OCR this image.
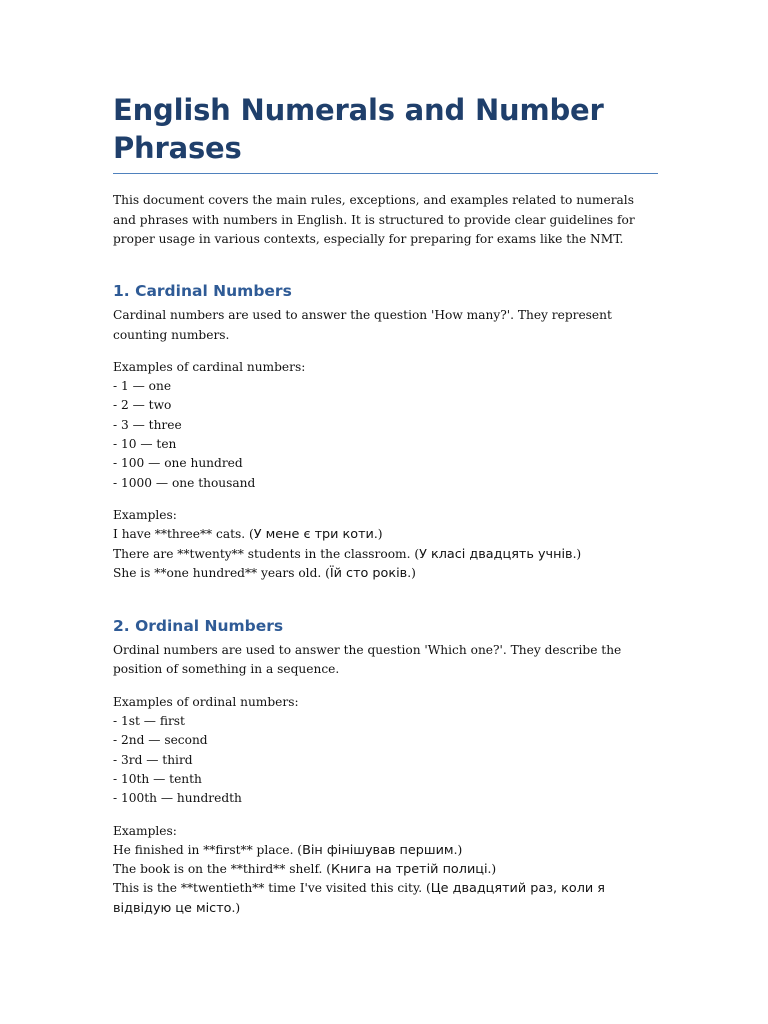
English Numerals and Number Phrases

This document covers the main rules, exceptions, and examples related to numerals and phrases with numbers in English. It is structured to provide clear guidelines for proper usage in various contexts, especially for preparing for exams like the NMT.

1. Cardinal Numbers

Cardinal numbers are used to answer the question 'How many?'. They represent counting numbers.

Examples of cardinal numbers:
- 1 — one
- 2 — two
- 3 — three
- 10 — ten
- 100 — one hundred
- 1000 — one thousand
Examples:
I have **three** cats. (У мене є три коти.)
There are **twenty** students in the classroom. (У класі двадцять учнів.)
She is **one hundred** years old. (Їй сто років.)
2. Ordinal Numbers

Ordinal numbers are used to answer the question 'Which one?'. They describe the position of something in a sequence.

Examples of ordinal numbers:
- 1st — first
- 2nd — second
- 3rd — third
- 10th — tenth
- 100th — hundredth
Examples:
He finished in **first** place. (Він фінішував першим.)
The book is on the **third** shelf. (Книга на третій полиці.)
This is the **twentieth** time I've visited this city. (Це двадцятий раз, коли я відвідую це місто.)
